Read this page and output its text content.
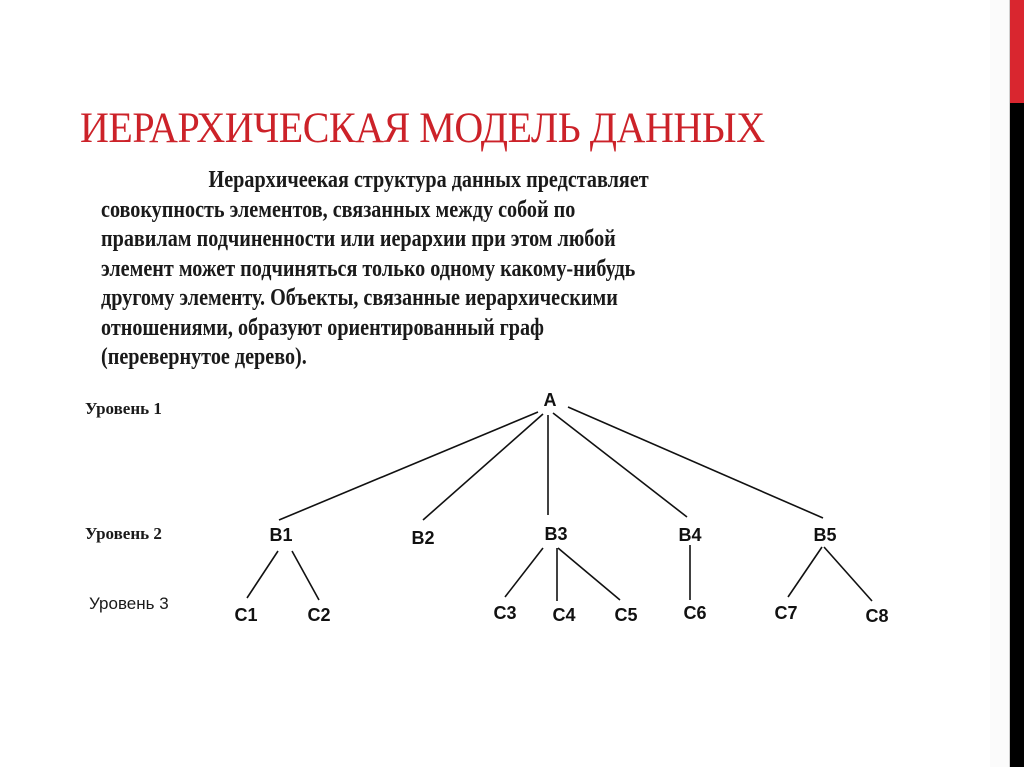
ИЕРАРХИЧЕСКАЯ МОДЕЛЬ ДАННЫХ
Иерархичеекая структура данных представляет
совокупность элементов, связанных между собой по
правилам подчиненности или иерархии при этом любой
элемент может подчиняться только одному какому-нибудь
другому элементу. Объекты, связанные иерархическими
отношениями, образуют ориентированный граф
(перевернутое дерево).
Уровень 1
Уровень 2
Уровень 3
A
B1	B2	B3	B4	B5
C1	C2	C3 C4 C5	C6	C7	C8
